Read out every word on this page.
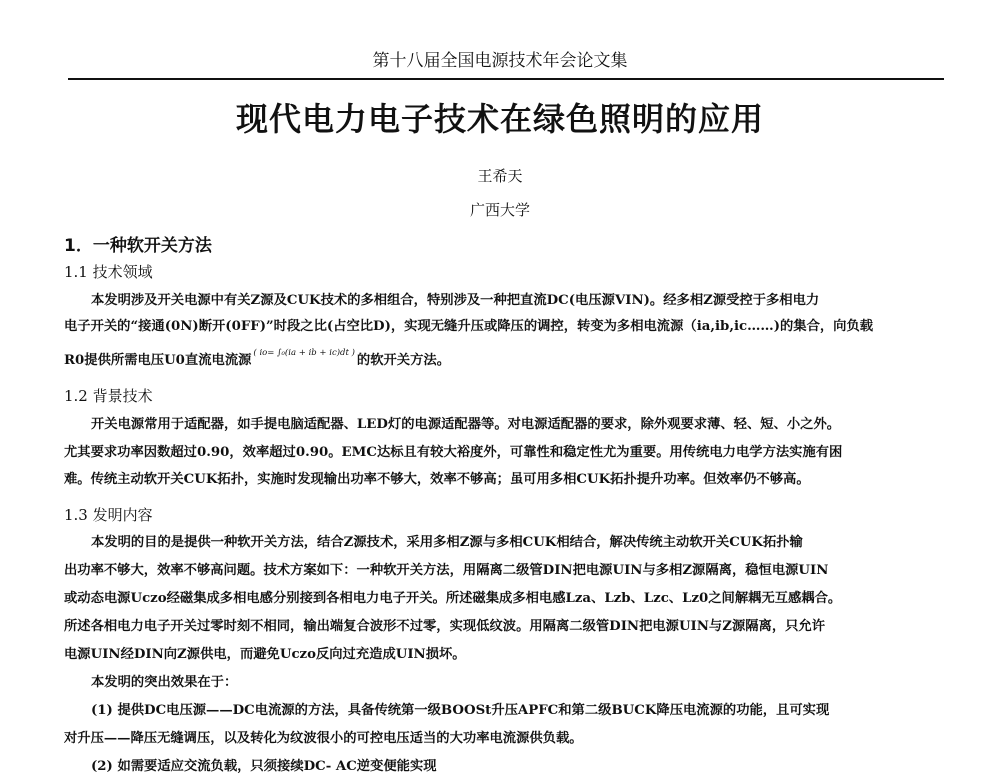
第十八届全国电源技术年会论文集
现代电力电子技术在绿色照明的应用
王希天
广西大学
1．一种软开关方法
1.1 技术领域
本发明涉及开关电源中有关Z源及CUK技术的多相组合，特别涉及一种把直流DC(电压源VIN)。经多相Z源受控于多相电力
电子开关的“接通(0N)断开(0FF)”时段之比(占空比D)，实现无缝升压或降压的调控，转变为多相电流源（ia,ib,ic……)的集合，向负载
R0提供所需电压U0直流电流源 ( io= ∫₀(ia + ib + ic)dt ) 的软开关方法。
1.2 背景技术
开关电源常用于适配器，如手提电脑适配器、LED灯的电源适配器等。对电源适配器的要求，除外观要求薄、轻、短、小之外。
尤其要求功率因数超过0.90，效率超过0.90。EMC达标且有较大裕度外，可靠性和稳定性尤为重要。用传统电力电学方法实施有困
难。传统主动软开关CUK拓扑，实施时发现输出功率不够大，效率不够高；虽可用多相CUK拓扑提升功率。但效率仍不够高。
1.3 发明内容
本发明的目的是提供一种软开关方法，结合Z源技术，采用多相Z源与多相CUK相结合，解决传统主动软开关CUK拓扑输
出功率不够大，效率不够高问题。技术方案如下：一种软开关方法，用隔离二级管DIN把电源UIN与多相Z源隔离，稳恒电源UIN
或动态电源Uczo经磁集成多相电感分别接到各相电力电子开关。所述磁集成多相电感Lza、Lzb、Lzc、Lz0之间解耦无互感耦合。
所述各相电力电子开关过零时刻不相同，输出端复合波形不过零，实现低纹波。用隔离二级管DIN把电源UIN与Z源隔离，只允许
电源UIN经DIN向Z源供电，而避免Uczo反向过充造成UIN损坏。
本发明的突出效果在于：
(1) 提供DC电压源——DC电流源的方法，具备传统第一级BOOSt升压APFC和第二级BUCK降压电流源的功能，且可实现
对升压——降压无缝调压，以及转化为纹波很小的可控电压适当的大功率电流源供负载。
(2) 如需要适应交流负载，只须接续DC- AC逆变便能实现
